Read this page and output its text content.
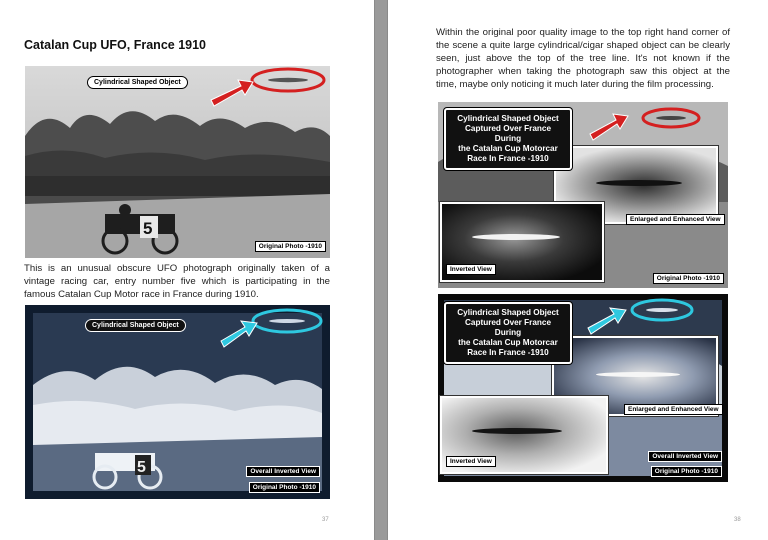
Catalan Cup UFO, France 1910
5
Cylindrical Shaped Object
Original Photo -1910
This is an unusual obscure UFO photograph originally taken of a
vintage racing car, entry number five which is participating in the
famous Catalan Cup Motor race in France during 1910.
5
Cylindrical Shaped Object
Overall Inverted View
Original Photo -1910
37
Within the original poor quality image to the top right hand corner of
the scene a quite large cylindrical/cigar shaped object can be clearly
seen, just above the top of the tree line. It's not known if the
photographer when taking the photograph saw this object at the
time, maybe only noticing it much later during the film processing.
Enlarged and Enhanced View
Inverted View
Original Photo -1910
Cylindrical Shaped Object
Captured Over France During
the Catalan Cup Motorcar
Race In France -1910
Enlarged and Enhanced View
Inverted View
Overall Inverted View
Original Photo -1910
Cylindrical Shaped Object
Captured Over France During
the Catalan Cup Motorcar
Race In France -1910
38
